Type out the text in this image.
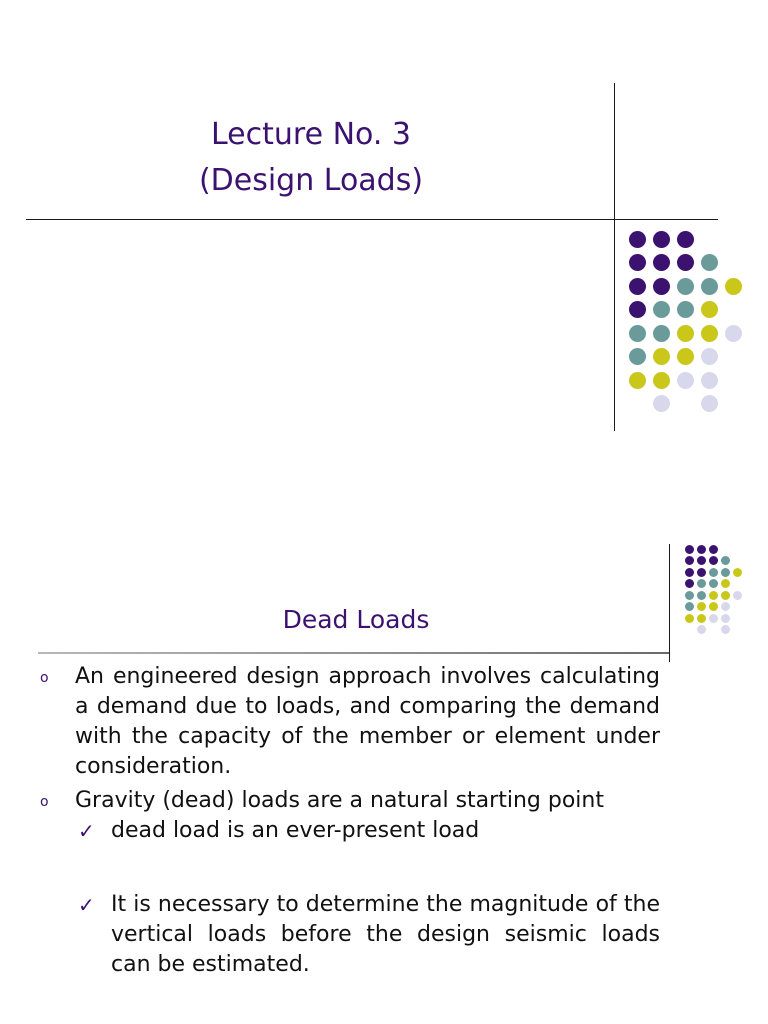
Lecture No. 3
(Design Loads)
Dead Loads
o An engineered design approach involves calculating a demand due to loads, and comparing the demand with the capacity of the member or element under consideration.
o Gravity (dead) loads are a natural starting point
✓ dead load is an ever-present load
✓ It is necessary to determine the magnitude of the vertical loads before the design seismic loads can be estimated.
